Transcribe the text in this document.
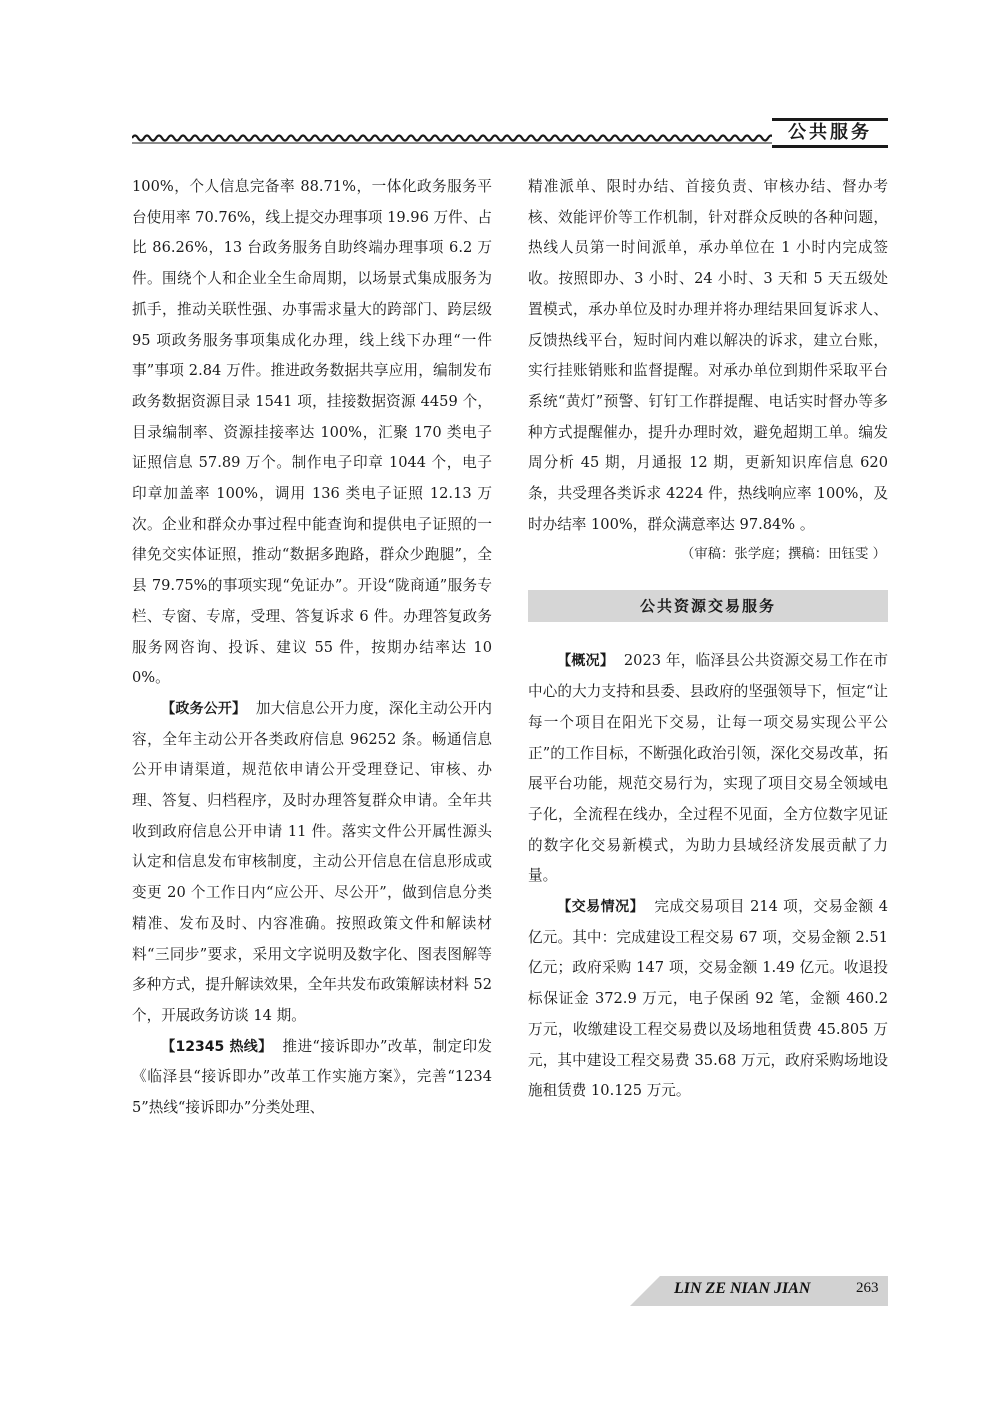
公共服务

100%，个人信息完备率 88.71%，一体化政务服务平台使用率 70.76%，线上提交办理事项 19.96 万件、占比 86.26%，13 台政务服务自助终端办理事项 6.2 万件。围绕个人和企业全生命周期，以场景式集成服务为抓手，推动关联性强、办事需求量大的跨部门、跨层级 95 项政务服务事项集成化办理，线上线下办理“一件事”事项 2.84 万件。推进政务数据共享应用，编制发布政务数据资源目录 1541 项，挂接数据资源 4459 个，目录编制率、资源挂接率达 100%，汇聚 170 类电子证照信息 57.89 万个。制作电子印章 1044 个，电子印章加盖率 100%，调用 136 类电子证照 12.13 万次。企业和群众办事过程中能查询和提供电子证照的一律免交实体证照，推动“数据多跑路，群众少跑腿”，全县 79.75%的事项实现“免证办”。开设“陇商通”服务专栏、专窗、专席，受理、答复诉求 6 件。办理答复政务服务网咨询、投诉、建议 55 件，按期办结率达 100%。

【政务公开】 加大信息公开力度，深化主动公开内容，全年主动公开各类政府信息 96252 条。畅通信息公开申请渠道，规范依申请公开受理登记、审核、办理、答复、归档程序，及时办理答复群众申请。全年共收到政府信息公开申请 11 件。落实文件公开属性源头认定和信息发布审核制度，主动公开信息在信息形成或变更 20 个工作日内“应公开、尽公开”，做到信息分类精准、发布及时、内容准确。按照政策文件和解读材料“三同步”要求，采用文字说明及数字化、图表图解等多种方式，提升解读效果，全年共发布政策解读材料 52 个，开展政务访谈 14 期。

【12345 热线】 推进“接诉即办”改革，制定印发《临泽县“接诉即办”改革工作实施方案》，完善“12345”热线“接诉即办”分类处理、

精准派单、限时办结、首接负责、审核办结、督办考核、效能评价等工作机制，针对群众反映的各种问题，热线人员第一时间派单，承办单位在 1 小时内完成签收。按照即办、3 小时、24 小时、3 天和 5 天五级处置模式，承办单位及时办理并将办理结果回复诉求人、反馈热线平台，短时间内难以解决的诉求，建立台账，实行挂账销账和监督提醒。对承办单位到期件采取平台系统“黄灯”预警、钉钉工作群提醒、电话实时督办等多种方式提醒催办，提升办理时效，避免超期工单。编发周分析 45 期，月通报 12 期，更新知识库信息 620 条，共受理各类诉求 4224 件，热线响应率 100%，及时办结率 100%，群众满意率达 97.84% 。

（审稿：张学庭；撰稿：田钰雯 ）

公共资源交易服务

【概况】 2023 年，临泽县公共资源交易工作在市中心的大力支持和县委、县政府的坚强领导下，恒定“让每一个项目在阳光下交易，让每一项交易实现公平公正”的工作目标，不断强化政治引领，深化交易改革，拓展平台功能，规范交易行为，实现了项目交易全领域电子化，全流程在线办，全过程不见面，全方位数字见证的数字化交易新模式，为助力县域经济发展贡献了力量。

【交易情况】 完成交易项目 214 项，交易金额 4 亿元。其中：完成建设工程交易 67 项，交易金额 2.51 亿元；政府采购 147 项，交易金额 1.49 亿元。收退投标保证金 372.9 万元，电子保函 92 笔，金额 460.2 万元，收缴建设工程交易费以及场地租赁费 45.805 万元，其中建设工程交易费 35.68 万元，政府采购场地设施租赁费 10.125 万元。

LIN ZE NIAN JIAN	263
